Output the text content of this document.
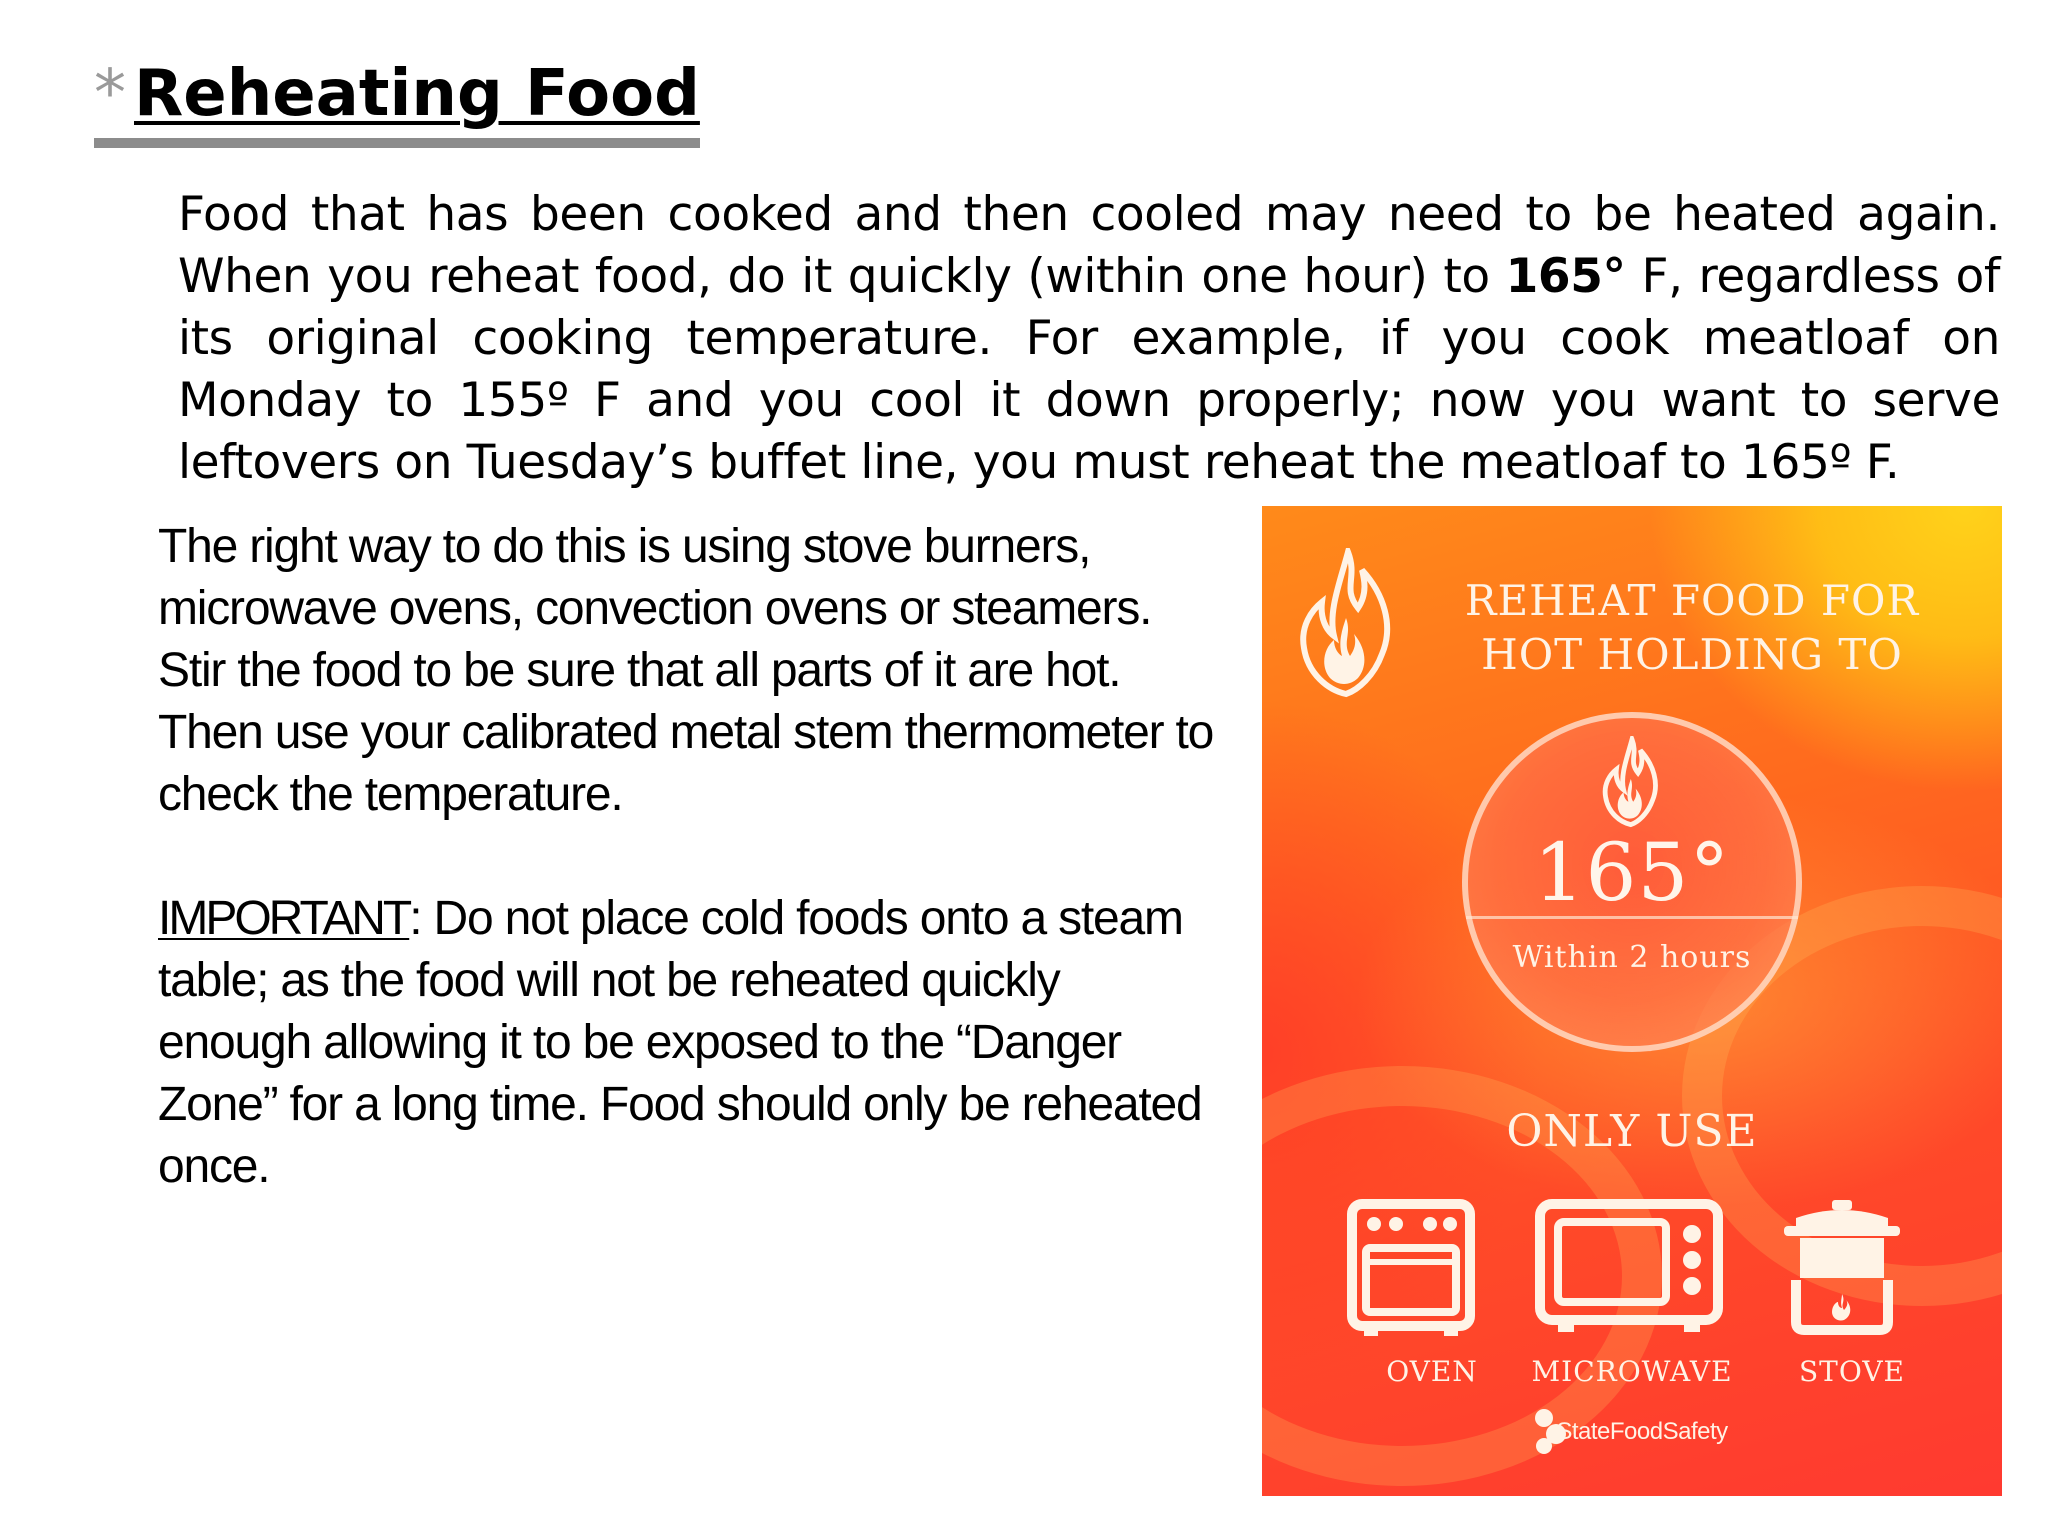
* Reheating Food
Food that has been cooked and then cooled may need to be heated again. When you reheat food, do it quickly (within one hour) to 165° F, regardless of its original cooking temperature. For example, if you cook meatloaf on Monday to 155º F and you cool it down properly; now you want to serve leftovers on Tuesday’s buffet line, you must reheat the meatloaf to 165º F.

The right way to do this is using stove burners, microwave ovens, convection ovens or steamers. Stir the food to be sure that all parts of it are hot. Then use your calibrated metal stem thermometer to check the temperature.

IMPORTANT: Do not place cold foods onto a steam table; as the food will not be reheated quickly enough allowing it to be exposed to the “Danger Zone” for a long time. Food should only be reheated once.

REHEAT FOOD FOR
HOT HOLDING TO
165°
Within 2 hours
ONLY USE
OVEN	MICROWAVE	STOVE
StateFoodSafety
